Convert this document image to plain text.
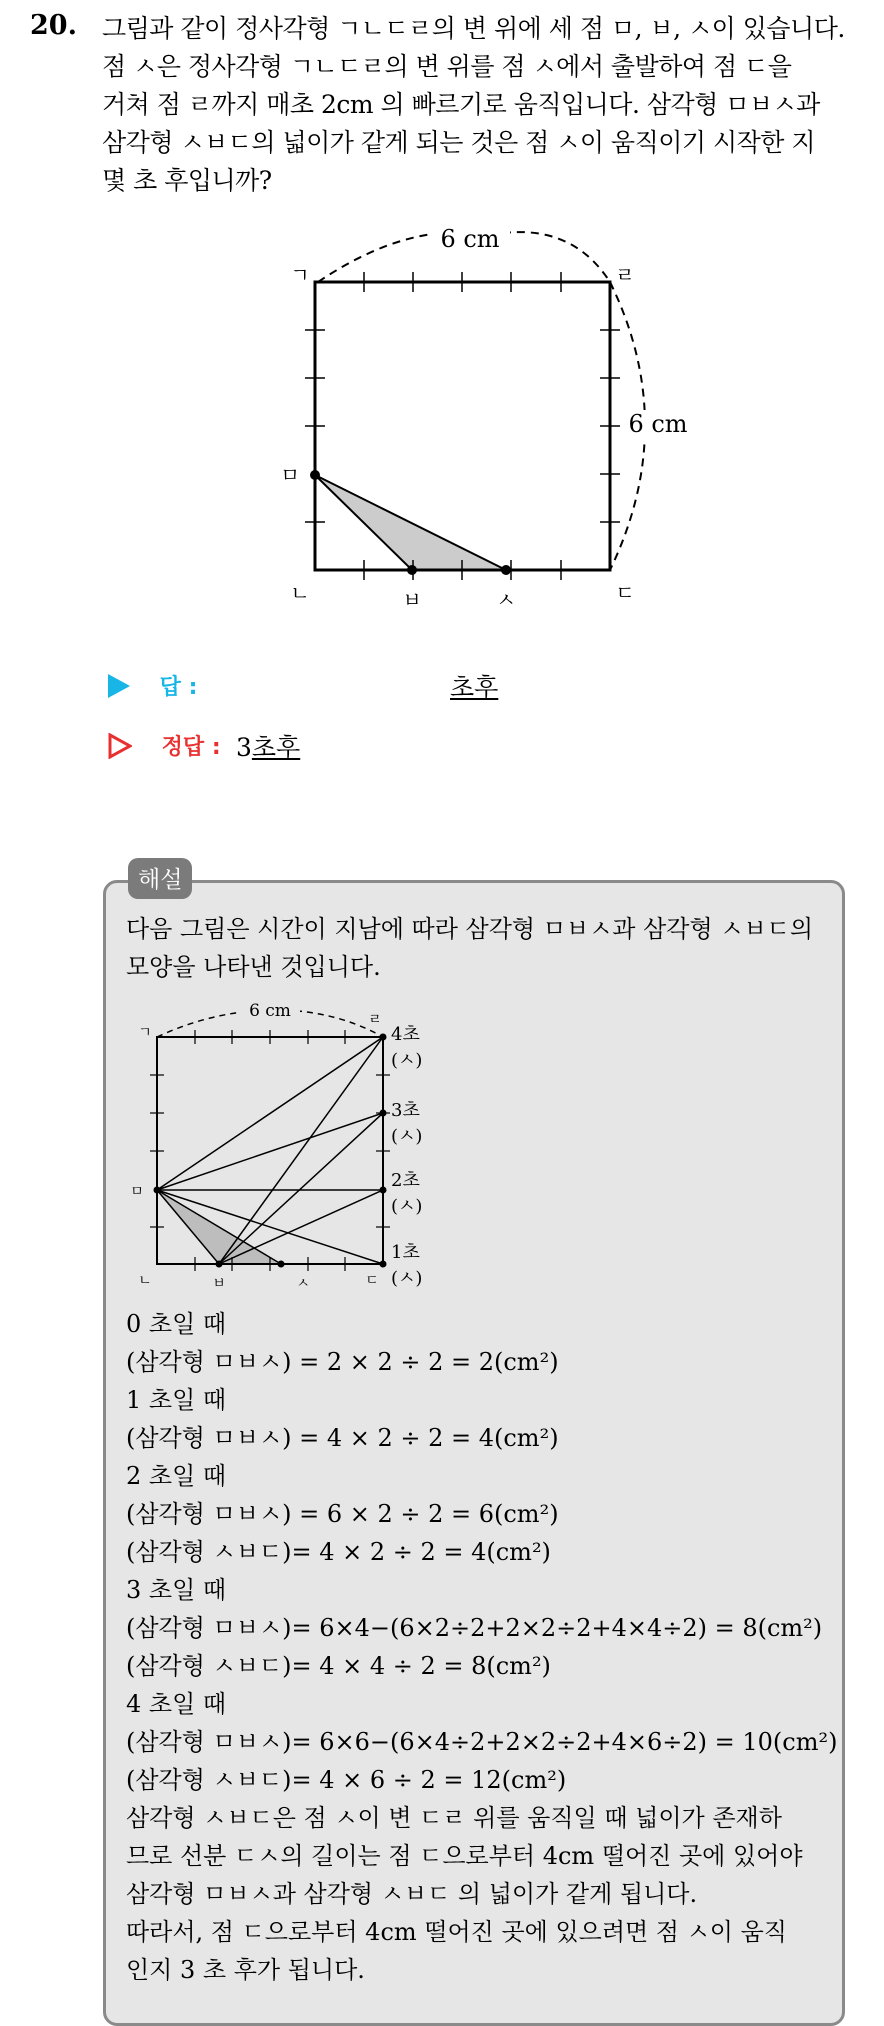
20. 그림과 같이 정사각형 ㄱㄴㄷㄹ의 변 위에 세 점 ㅁ, ㅂ, ㅅ이 있습니다.
점 ㅅ은 정사각형 ㄱㄴㄷㄹ의 변 위를 점 ㅅ에서 출발하여 점 ㄷ을
거쳐 점 ㄹ까지 매초 2cm 의 빠르기로 움직입니다. 삼각형 ㅁㅂㅅ과
삼각형 ㅅㅂㄷ의 넓이가 같게 되는 것은 점 ㅅ이 움직이기 시작한 지
몇 초 후입니까?
6 cm
6 cm
ㄱ	ㄹ
ㄴ	ㄷ
ㅁ
ㅂ	ㅅ
답 :	초후
정답 : 3초후
해설
다음 그림은 시간이 지남에 따라 삼각형 ㅁㅂㅅ과 삼각형 ㅅㅂㄷ의 모양을 나타낸 것입니다.
6 cm
ㄱ
ㄹ
ㄴ	ㄷ
ㅁ
ㅂ	ㅅ
4초
(ㅅ)
3초
(ㅅ)
2초
(ㅅ)
1초
(ㅅ)
0 초일 때
(삼각형 ㅁㅂㅅ) = 2 × 2 ÷ 2 = 2(cm²)
1 초일 때
(삼각형 ㅁㅂㅅ) = 4 × 2 ÷ 2 = 4(cm²)
2 초일 때
(삼각형 ㅁㅂㅅ) = 6 × 2 ÷ 2 = 6(cm²)
(삼각형 ㅅㅂㄷ)= 4 × 2 ÷ 2 = 4(cm²)
3 초일 때
(삼각형 ㅁㅂㅅ)= 6×4−(6×2÷2+2×2÷2+4×4÷2) = 8(cm²)
(삼각형 ㅅㅂㄷ)= 4 × 4 ÷ 2 = 8(cm²)
4 초일 때
(삼각형 ㅁㅂㅅ)= 6×6−(6×4÷2+2×2÷2+4×6÷2) = 10(cm²)
(삼각형 ㅅㅂㄷ)= 4 × 6 ÷ 2 = 12(cm²)
삼각형 ㅅㅂㄷ은 점 ㅅ이 변 ㄷㄹ 위를 움직일 때 넓이가 존재하
므로 선분 ㄷㅅ의 길이는 점 ㄷ으로부터 4cm 떨어진 곳에 있어야
삼각형 ㅁㅂㅅ과 삼각형 ㅅㅂㄷ 의 넓이가 같게 됩니다.
따라서, 점 ㄷ으로부터 4cm 떨어진 곳에 있으려면 점 ㅅ이 움직
인지 3 초 후가 됩니다.
